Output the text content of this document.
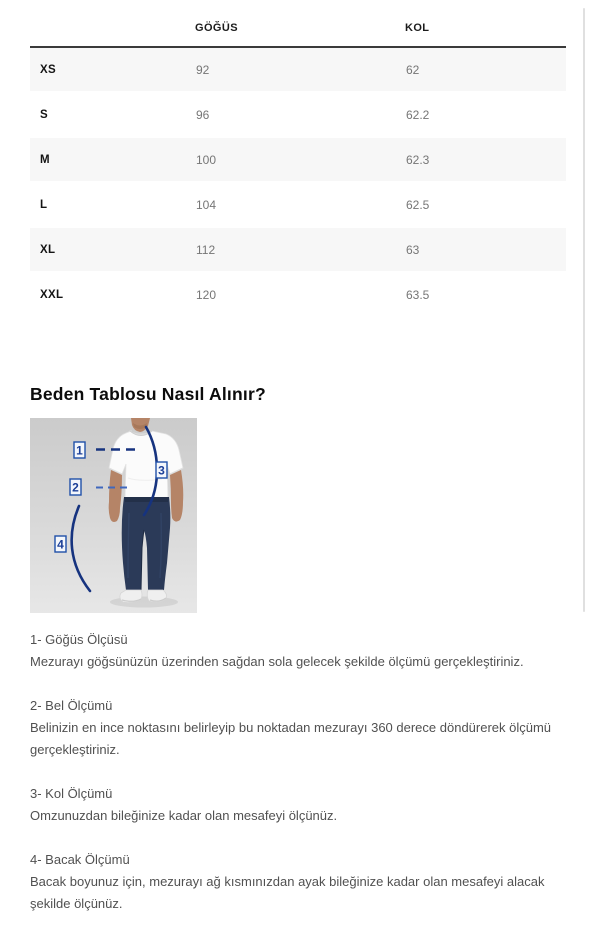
	GÖĞÜS	KOL
XS	92	62
S	96	62.2
M	100	62.3
L	104	62.5
XL	112	63
XXL	120	63.5
Beden Tablosu Nasıl Alınır?
1
2
3
4

1- Göğüs Ölçüsü

Mezurayı göğsünüzün üzerinden sağdan sola gelecek şekilde ölçümü gerçekleştiriniz.

2- Bel Ölçümü

Belinizin en ince noktasını belirleyip bu noktadan mezurayı 360 derece döndürerek ölçümü gerçekleştiriniz.

3- Kol Ölçümü

Omzunuzdan bileğinize kadar olan mesafeyi ölçünüz.

4- Bacak Ölçümü

Bacak boyunuz için, mezurayı ağ kısmınızdan ayak bileğinize kadar olan mesafeyi alacak şekilde ölçünüz.
